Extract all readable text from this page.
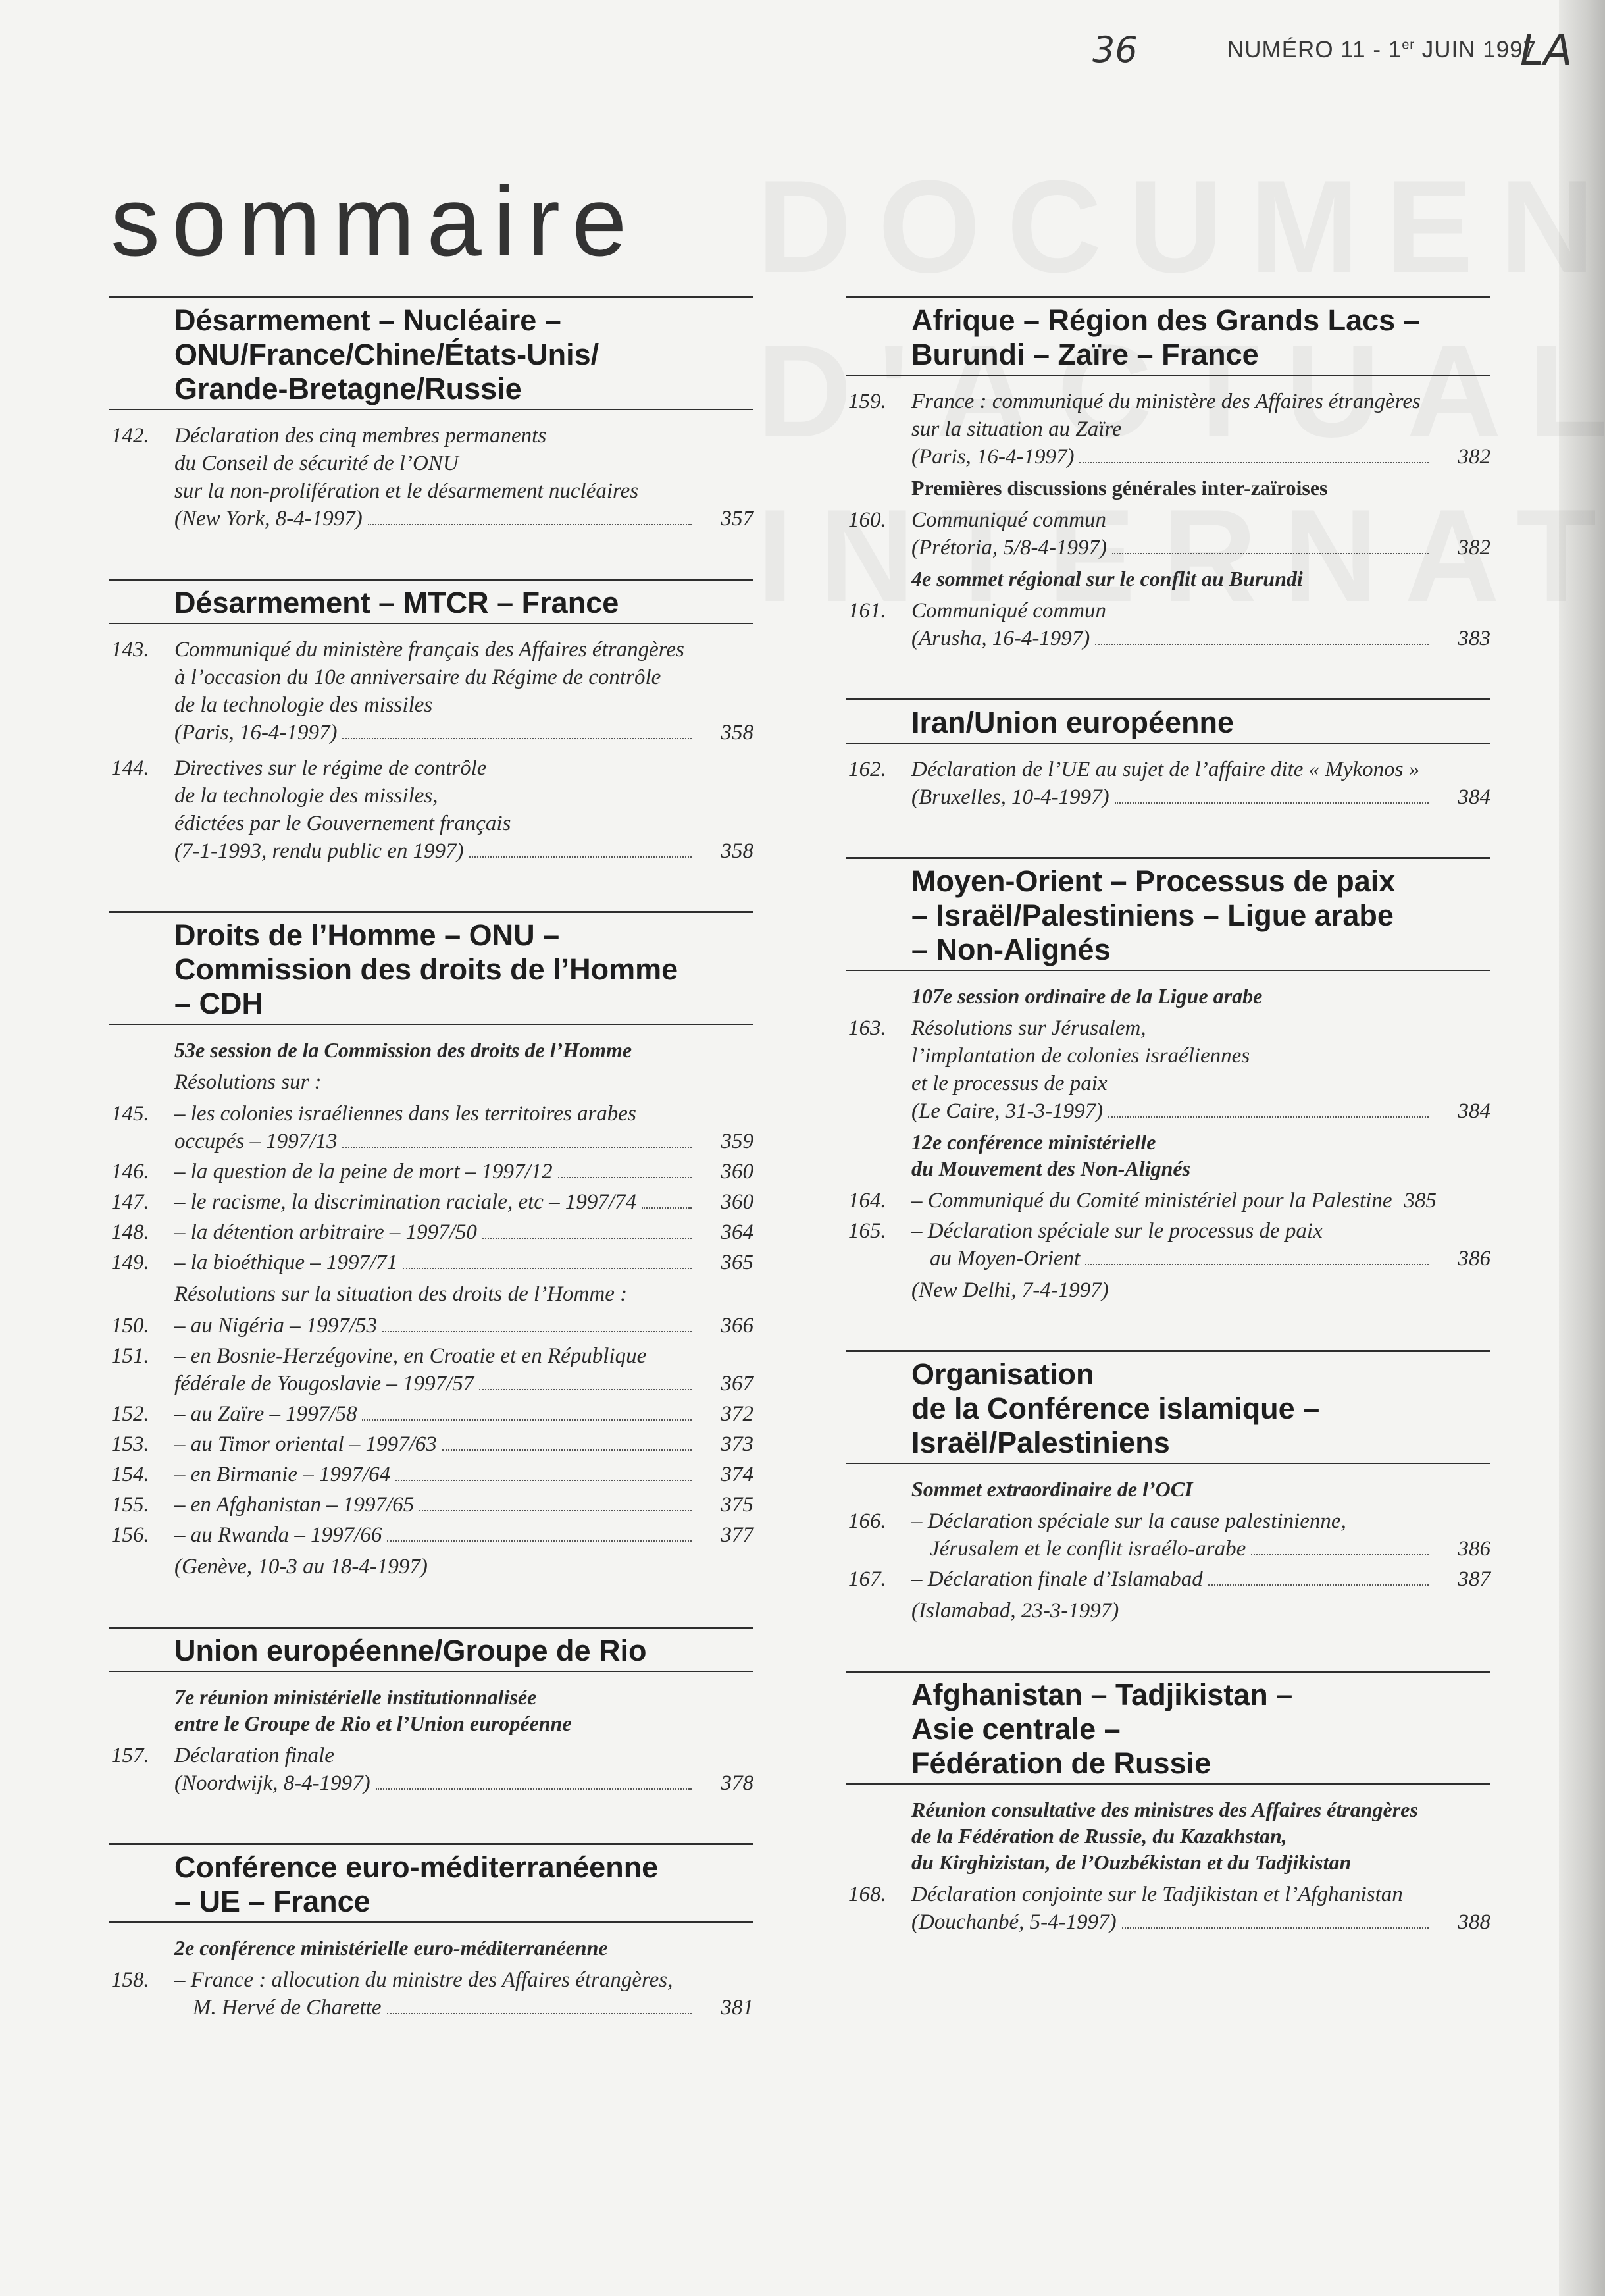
36	LA
NUMÉRO 11 - 1er JUIN 1997
sommaire
Désarmement – Nucléaire –
ONU/France/Chine/États-Unis/
Grande-Bretagne/Russie
142.	Déclaration des cinq membres permanents
du Conseil de sécurité de l’ONU
sur la non-prolifération et le désarmement nucléaires
(New York, 8-4-1997)	357
Désarmement – MTCR – France
143.	Communiqué du ministère français des Affaires étrangères
à l’occasion du 10e anniversaire du Régime de contrôle
de la technologie des missiles
(Paris, 16-4-1997)	358
144.	Directives sur le régime de contrôle
de la technologie des missiles,
édictées par le Gouvernement français
(7-1-1993, rendu public en 1997)	358
Droits de l’Homme – ONU –
Commission des droits de l’Homme
– CDH
53e session de la Commission des droits de l’Homme
Résolutions sur :
145.	– les colonies israéliennes dans les territoires arabes
occupés – 1997/13	359
146.	– la question de la peine de mort – 1997/12	360
147.	– le racisme, la discrimination raciale, etc – 1997/74	360
148.	– la détention arbitraire – 1997/50	364
149.	– la bioéthique – 1997/71	365
Résolutions sur la situation des droits de l’Homme :
150.	– au Nigéria – 1997/53	366
151.	– en Bosnie-Herzégovine, en Croatie et en République
fédérale de Yougoslavie – 1997/57	367
152.	– au Zaïre – 1997/58	372
153.	– au Timor oriental – 1997/63	373
154.	– en Birmanie – 1997/64	374
155.	– en Afghanistan – 1997/65	375
156.	– au Rwanda – 1997/66	377
(Genève, 10-3 au 18-4-1997)
Union européenne/Groupe de Rio
7e réunion ministérielle institutionnalisée
entre le Groupe de Rio et l’Union européenne
157.	Déclaration finale
(Noordwijk, 8-4-1997)	378
Conférence euro-méditerranéenne
– UE – France
2e conférence ministérielle euro-méditerranéenne
158.	– France : allocution du ministre des Affaires étrangères,
M. Hervé de Charette	381
Afrique – Région des Grands Lacs –
Burundi – Zaïre – France
159.	France : communiqué du ministère des Affaires étrangères
sur la situation au Zaïre
(Paris, 16-4-1997)	382
Premières discussions générales inter-zaïroises
160.	Communiqué commun
(Prétoria, 5/8-4-1997)	382
4e sommet régional sur le conflit au Burundi
161.	Communiqué commun
(Arusha, 16-4-1997)	383
Iran/Union européenne
162.	Déclaration de l’UE au sujet de l’affaire dite « Mykonos »
(Bruxelles, 10-4-1997)	384
Moyen-Orient – Processus de paix
– Israël/Palestiniens – Ligue arabe
– Non-Alignés
107e session ordinaire de la Ligue arabe
163.	Résolutions sur Jérusalem,
l’implantation de colonies israéliennes
et le processus de paix
(Le Caire, 31-3-1997)	384
12e conférence ministérielle
du Mouvement des Non-Alignés
164.	– Communiqué du Comité ministériel pour la Palestine 385
165.	– Déclaration spéciale sur le processus de paix
au Moyen-Orient	386
(New Delhi, 7-4-1997)
Organisation
de la Conférence islamique –
Israël/Palestiniens
Sommet extraordinaire de l’OCI
166.	– Déclaration spéciale sur la cause palestinienne,
Jérusalem et le conflit israélo-arabe	386
167.	– Déclaration finale d’Islamabad	387
(Islamabad, 23-3-1997)
Afghanistan – Tadjikistan –
Asie centrale –
Fédération de Russie
Réunion consultative des ministres des Affaires étrangères
de la Fédération de Russie, du Kazakhstan,
du Kirghizistan, de l’Ouzbékistan et du Tadjikistan
168.	Déclaration conjointe sur le Tadjikistan et l’Afghanistan
(Douchanbé, 5-4-1997)	388
